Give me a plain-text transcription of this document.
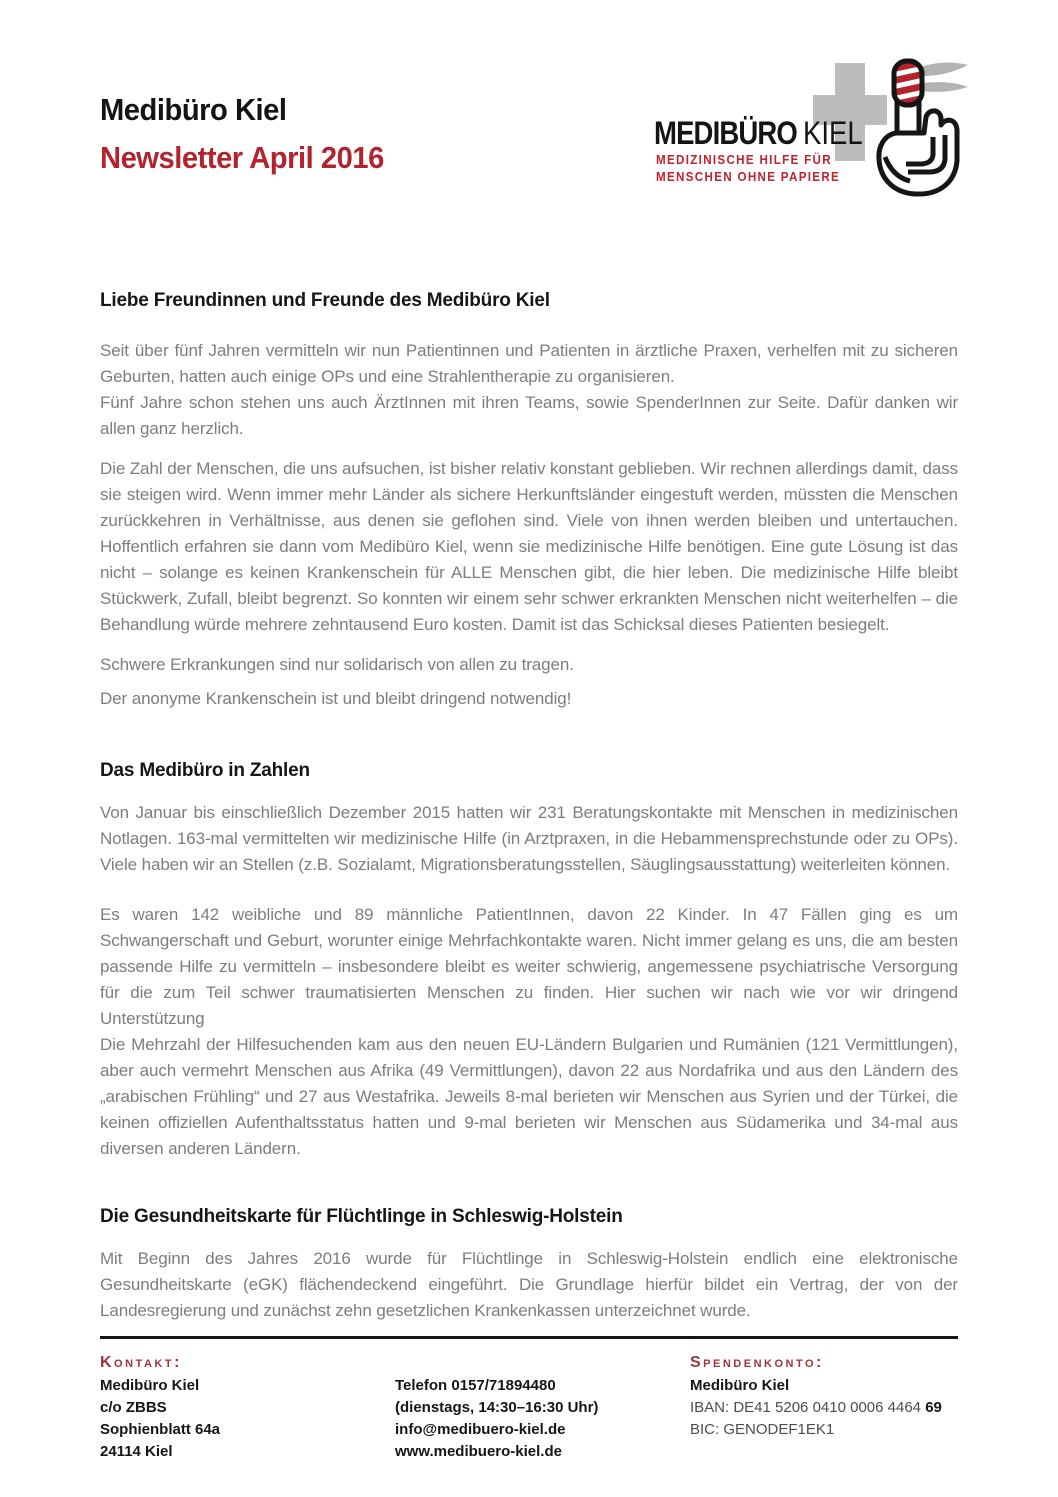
Medibüro Kiel
Newsletter April 2016
MEDIBÜRO KIEL
MEDIZINISCHE HILFE FÜR
MENSCHEN OHNE PAPIERE
Liebe Freundinnen und Freunde des Medibüro Kiel

Seit über fünf Jahren vermitteln wir nun Patientinnen und Patienten in ärztliche Praxen, verhelfen mit zu sicheren Geburten, hatten auch einige OPs und eine Strahlentherapie zu organisieren.
Fünf Jahre schon stehen uns auch ÄrztInnen mit ihren Teams, sowie SpenderInnen zur Seite. Dafür danken wir allen ganz herzlich.

Die Zahl der Menschen, die uns aufsuchen, ist bisher relativ konstant geblieben. Wir rechnen allerdings damit, dass sie steigen wird. Wenn immer mehr Länder als sichere Herkunftsländer eingestuft werden, müssten die Menschen zurückkehren in Verhältnisse, aus denen sie geflohen sind. Viele von ihnen werden bleiben und untertauchen. Hoffentlich erfahren sie dann vom Medibüro Kiel, wenn sie medizinische Hilfe benötigen. Eine gute Lösung ist das nicht – solange es keinen Krankenschein für ALLE Menschen gibt, die hier leben. Die medizinische Hilfe bleibt Stückwerk, Zufall, bleibt begrenzt. So konnten wir einem sehr schwer erkrankten Menschen nicht weiterhelfen – die Behandlung würde mehrere zehntausend Euro kosten. Damit ist das Schicksal dieses Patienten besiegelt.

Schwere Erkrankungen sind nur solidarisch von allen zu tragen.

Der anonyme Krankenschein ist und bleibt dringend notwendig!

Das Medibüro in Zahlen

Von Januar bis einschließlich Dezember 2015 hatten wir 231 Beratungskontakte mit Menschen in medizinischen Notlagen. 163-mal vermittelten wir medizinische Hilfe (in Arztpraxen, in die Hebammensprechstunde oder zu OPs). Viele haben wir an Stellen (z.B. Sozialamt, Migrationsberatungsstellen, Säuglingsausstattung) weiterleiten können.

Es waren 142 weibliche und 89 männliche PatientInnen, davon 22 Kinder. In 47 Fällen ging es um Schwangerschaft und Geburt, worunter einige Mehrfachkontakte waren. Nicht immer gelang es uns, die am besten passende Hilfe zu vermitteln – insbesondere bleibt es weiter schwierig, angemessene psychiatrische Versorgung für die zum Teil schwer traumatisierten Menschen zu finden. Hier suchen wir nach wie vor wir dringend Unterstützung
Die Mehrzahl der Hilfesuchenden kam aus den neuen EU-Ländern Bulgarien und Rumänien (121 Vermittlungen), aber auch vermehrt Menschen aus Afrika (49 Vermittlungen), davon 22 aus Nordafrika und aus den Ländern des „arabischen Frühling“ und 27 aus Westafrika. Jeweils 8-mal berieten wir Menschen aus Syrien und der Türkei, die keinen offiziellen Aufenthaltsstatus hatten und 9-mal berieten wir Menschen aus Südamerika und 34-mal aus diversen anderen Ländern.

Die Gesundheitskarte für Flüchtlinge in Schleswig-Holstein

Mit Beginn des Jahres 2016 wurde für Flüchtlinge in Schleswig-Holstein endlich eine elektronische Gesundheitskarte (eGK) flächendeckend eingeführt. Die Grundlage hierfür bildet ein Vertrag, der von der Landesregierung und zunächst zehn gesetzlichen Krankenkassen unterzeichnet wurde.

Kontakt:
Medibüro Kiel
c/o ZBBS
Sophienblatt 64a
24114 Kiel
Telefon 0157/71894480
(dienstags, 14:30–16:30 Uhr)
info@medibuero-kiel.de
www.medibuero-kiel.de
Spendenkonto:
Medibüro Kiel
IBAN: DE41 5206 0410 0006 4464 69
BIC: GENODEF1EK1
